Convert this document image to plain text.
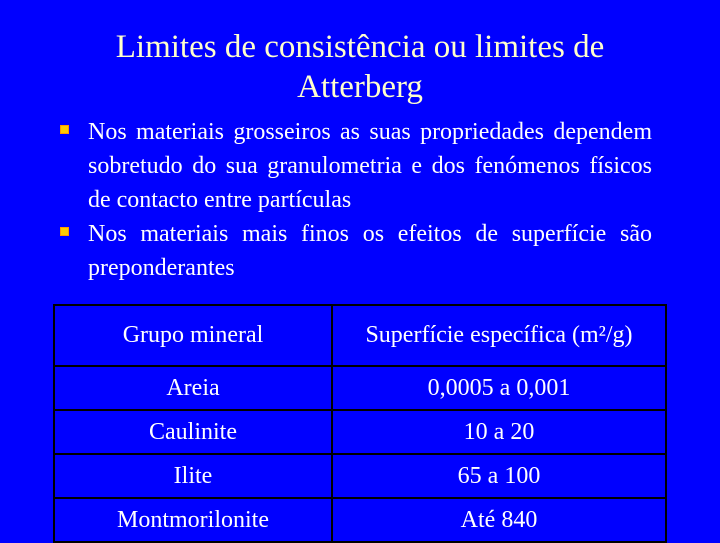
Limites de consistência ou limites de Atterberg
Nos materiais grosseiros as suas propriedades dependem sobretudo do sua granulometria e dos fenómenos físicos de contacto entre partículas
Nos materiais mais finos os efeitos de superfície são preponderantes
Grupo mineral	Superfície específica (m²/g)
Areia	0,0005 a 0,001
Caulinite	10 a 20
Ilite	65 a 100
Montmorilonite	Até 840
